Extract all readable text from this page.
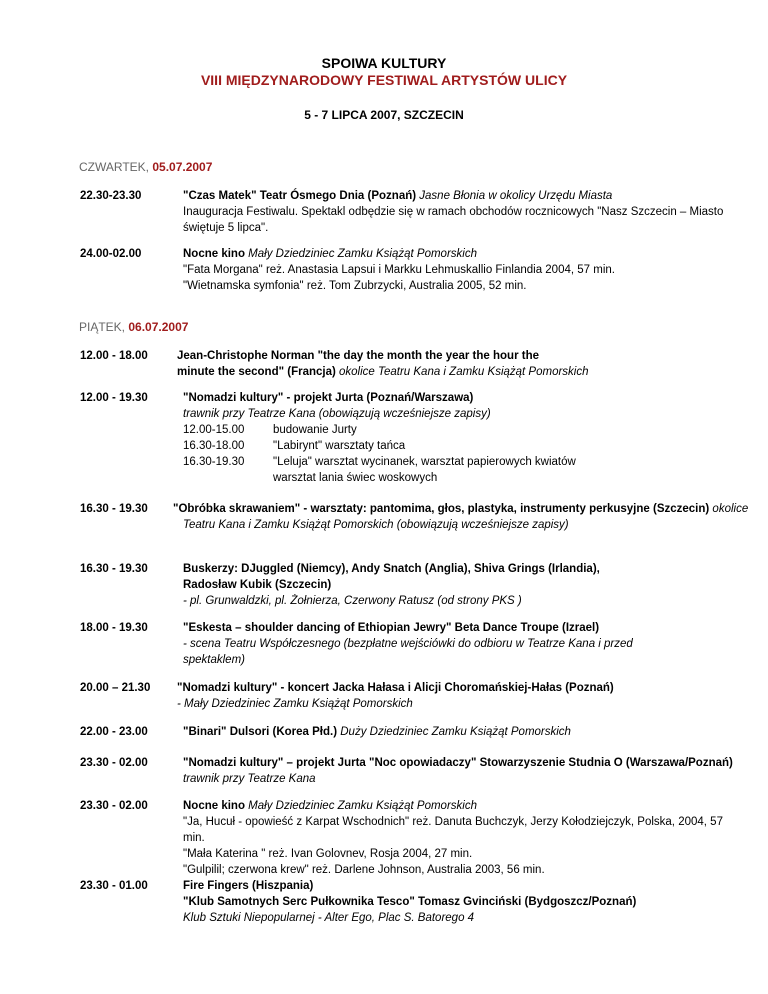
SPOIWA KULTURY
VIII MIĘDZYNARODOWY FESTIWAL ARTYSTÓW ULICY
5 - 7 LIPCA 2007, SZCZECIN
CZWARTEK, 05.07.2007
22.30-23.30	"Czas Matek" Teatr Ósmego Dnia (Poznań) Jasne Błonia w okolicy Urzędu Miasta
Inauguracja Festiwalu. Spektakl odbędzie się w ramach obchodów rocznicowych "Nasz Szczecin – Miasto
świętuje 5 lipca".
24.00-02.00	Nocne kino Mały Dziedziniec Zamku Książąt Pomorskich
"Fata Morgana" reż. Anastasia Lapsui i Markku Lehmuskallio Finlandia 2004, 57 min.
"Wietnamska symfonia" reż. Tom Zubrzycki, Australia 2005, 52 min.
PIĄTEK, 06.07.2007
12.00 - 18.00	Jean-Christophe Norman "the day the month the year the hour the
minute the second" (Francja) okolice Teatru Kana i Zamku Książąt Pomorskich
12.00 - 19.30	"Nomadzi kultury" - projekt Jurta (Poznań/Warszawa)
trawnik przy Teatrze Kana (obowiązują wcześniejsze zapisy)
12.00-15.00 budowanie Jurty
16.30-18.00 "Labirynt" warsztaty tańca
16.30-19.30 "Leluja" warsztat wycinanek, warsztat papierowych kwiatów
warsztat lania świec woskowych
16.30 - 19.30 "Obróbka skrawaniem" - warsztaty: pantomima, głos, plastyka, instrumenty perkusyjne (Szczecin) okolice
Teatru Kana i Zamku Książąt Pomorskich (obowiązują wcześniejsze zapisy)
16.30 - 19.30	Buskerzy: DJuggled (Niemcy), Andy Snatch (Anglia), Shiva Grings (Irlandia),
Radosław Kubik (Szczecin)
- pl. Grunwaldzki, pl. Żołnierza, Czerwony Ratusz (od strony PKS )
18.00 - 19.30	"Eskesta – shoulder dancing of Ethiopian Jewry" Beta Dance Troupe (Izrael)
- scena Teatru Współczesnego (bezpłatne wejściówki do odbioru w Teatrze Kana i przed
spektaklem)
20.00 – 21.30 "Nomadzi kultury" - koncert Jacka Hałasa i Alicji Choromańskiej-Hałas (Poznań)
- Mały Dziedziniec Zamku Książąt Pomorskich
22.00 - 23.00	"Binari" Dulsori (Korea Płd.) Duży Dziedziniec Zamku Książąt Pomorskich
23.30 - 02.00	"Nomadzi kultury" – projekt Jurta "Noc opowiadaczy" Stowarzyszenie Studnia O (Warszawa/Poznań)
trawnik przy Teatrze Kana
23.30 - 02.00	Nocne kino Mały Dziedziniec Zamku Książąt Pomorskich
"Ja, Hucuł - opowieść z Karpat Wschodnich" reż. Danuta Buchczyk, Jerzy Kołodziejczyk, Polska, 2004, 57
min.
"Mała Katerina " reż. Ivan Golovnev, Rosja 2004, 27 min.
"Gulpilil; czerwona krew" reż. Darlene Johnson, Australia 2003, 56 min.
23.30 - 01.00	Fire Fingers (Hiszpania)
"Klub Samotnych Serc Pułkownika Tesco" Tomasz Gvinciński (Bydgoszcz/Poznań)
Klub Sztuki Niepopularnej - Alter Ego, Plac S. Batorego 4
